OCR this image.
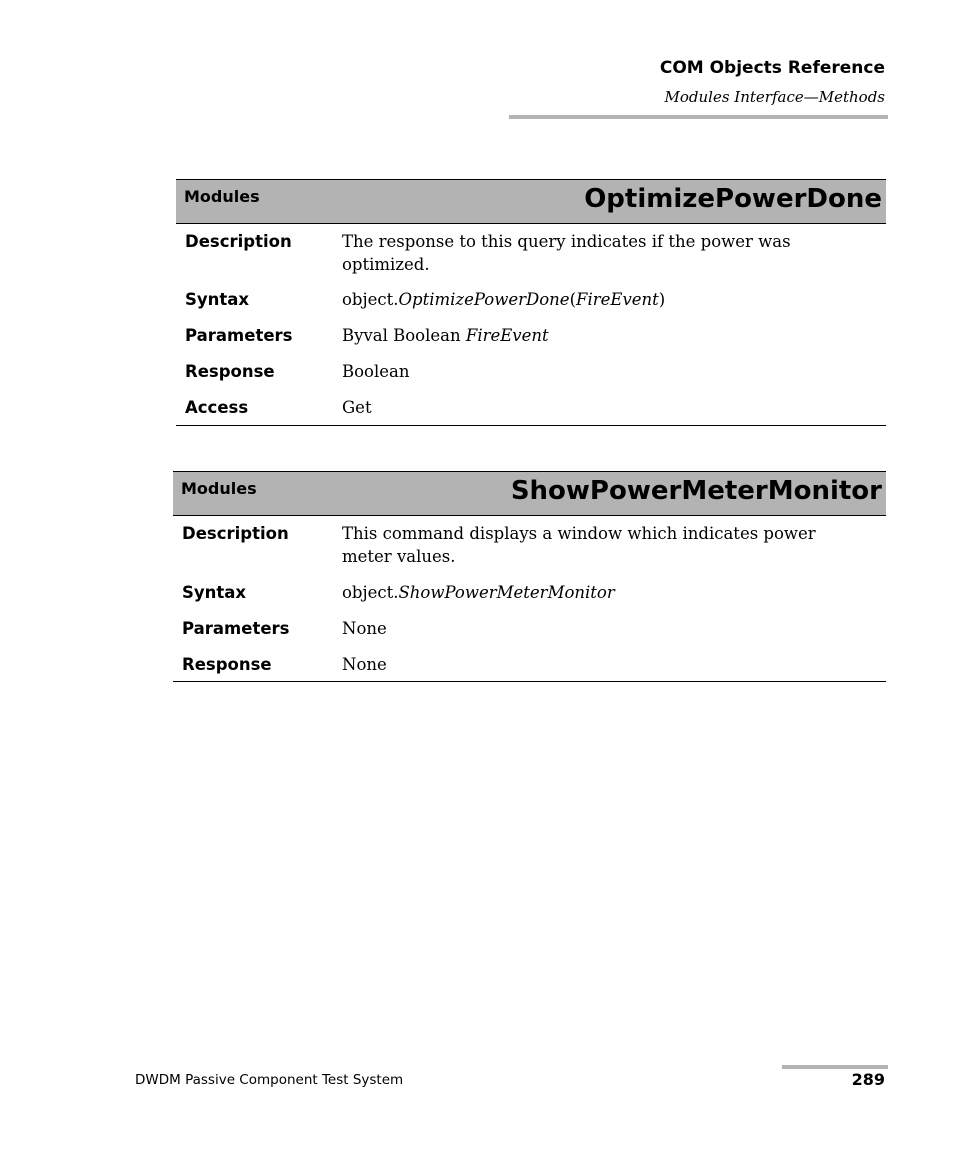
COM Objects Reference
Modules Interface—Methods
Modules	OptimizePowerDone
Description	The response to this query indicates if the power was optimized.
Syntax	object.OptimizePowerDone(FireEvent)
Parameters	Byval Boolean FireEvent
Response	Boolean
Access	Get
Modules	ShowPowerMeterMonitor
Description	This command displays a window which indicates power meter values.
Syntax	object.ShowPowerMeterMonitor
Parameters	None
Response	None
DWDM Passive Component Test System	289
